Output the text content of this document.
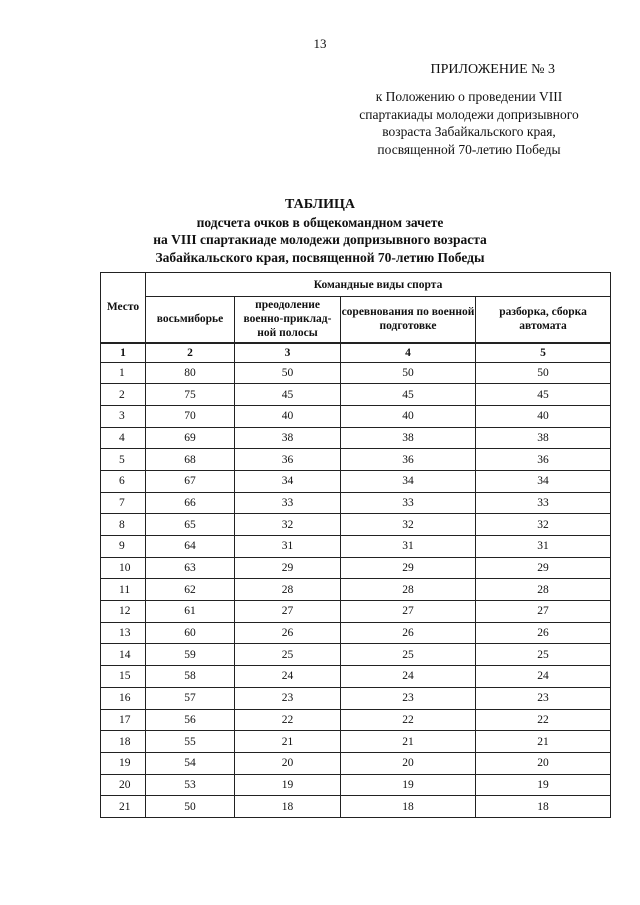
13
ПРИЛОЖЕНИЕ № 3
к Положению о проведении VIII
спартакиады молодежи допризывного
возраста Забайкальского края,
посвященной 70-летию Победы
ТАБЛИЦА
подсчета очков в общекомандном зачете
на VIII спартакиаде молодежи допризывного возраста
Забайкальского края, посвященной 70-летию Победы
Место	Командные виды спорта			
	восьмиборье	преодоление военно-приклад-ной полосы	соревнования по военной подготовке	разборка, сборка автомата
1	2	3	4	5
1	80	50	50	50
2	75	45	45	45
3	70	40	40	40
4	69	38	38	38
5	68	36	36	36
6	67	34	34	34
7	66	33	33	33
8	65	32	32	32
9	64	31	31	31
10	63	29	29	29
11	62	28	28	28
12	61	27	27	27
13	60	26	26	26
14	59	25	25	25
15	58	24	24	24
16	57	23	23	23
17	56	22	22	22
18	55	21	21	21
19	54	20	20	20
20	53	19	19	19
21	50	18	18	18
